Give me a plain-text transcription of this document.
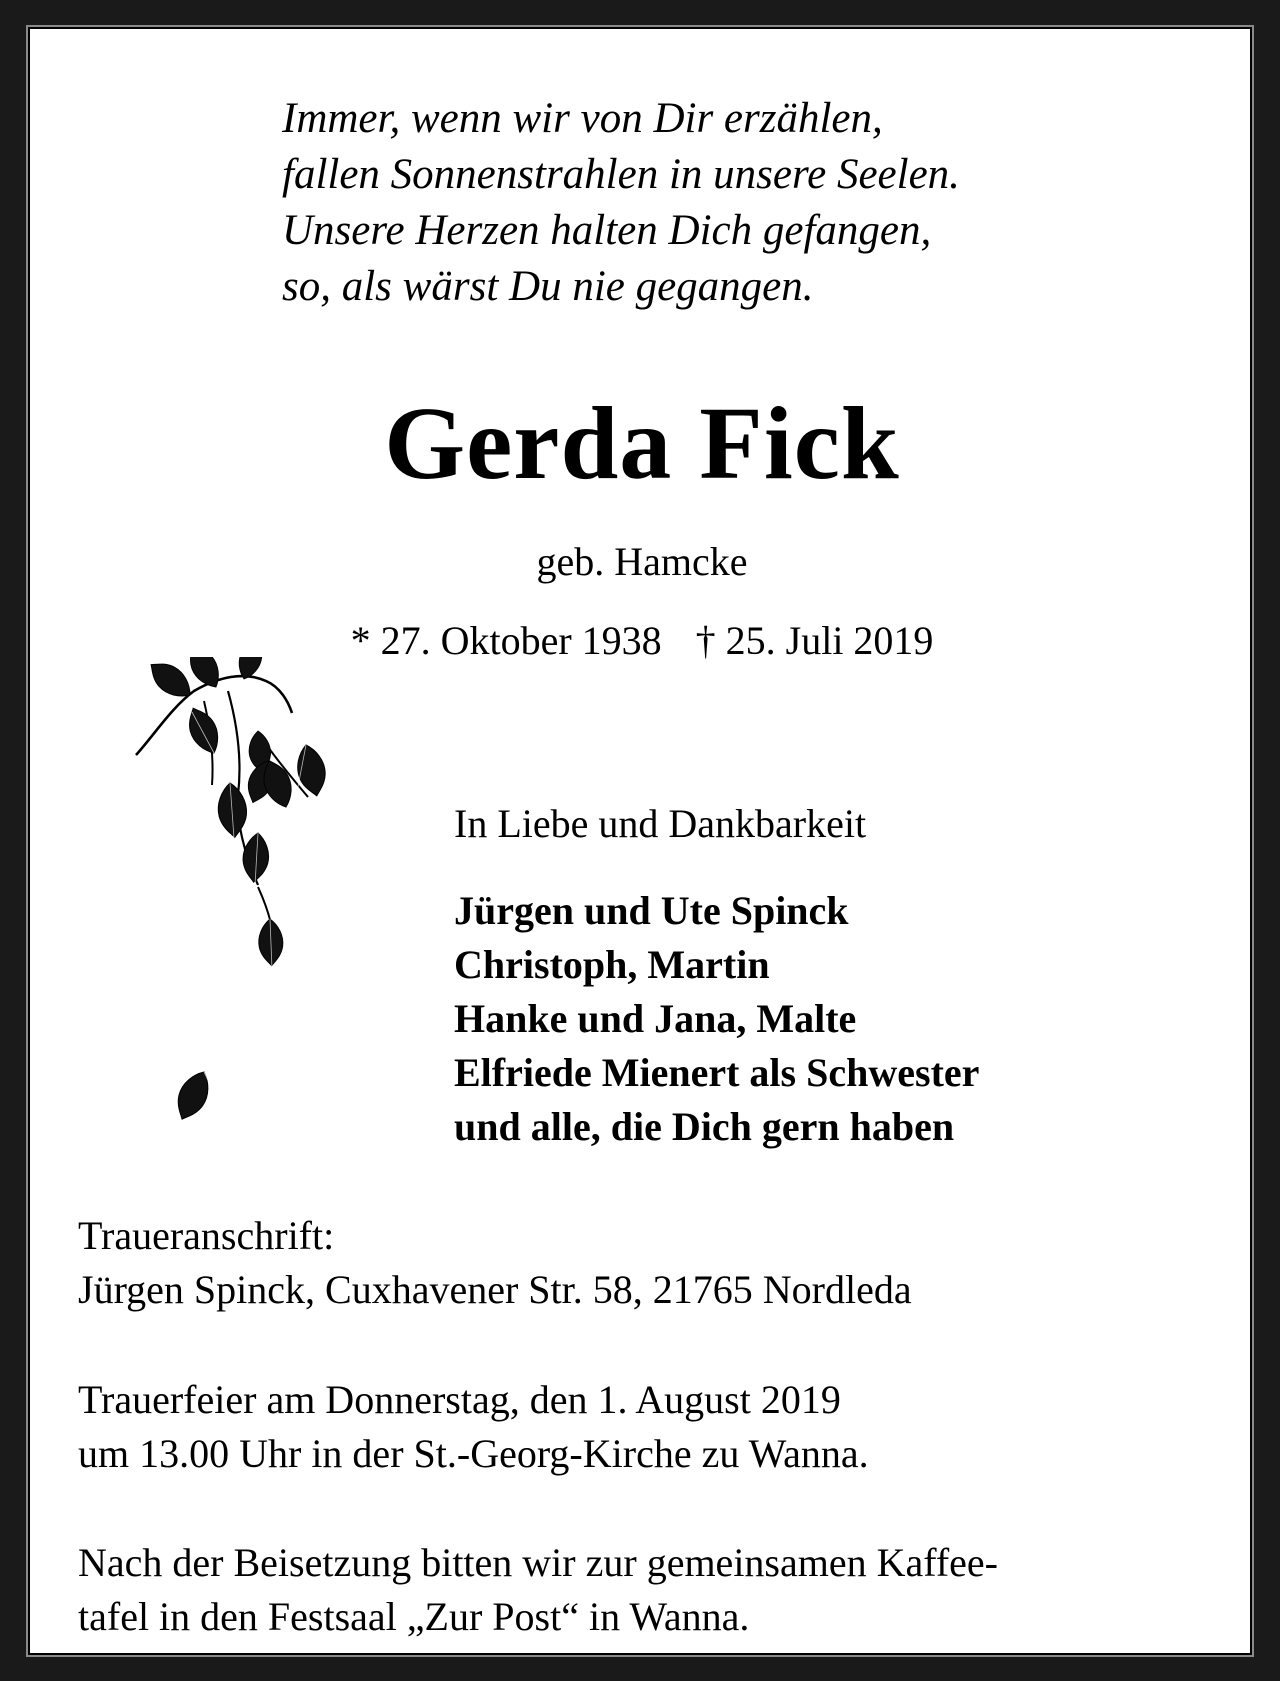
Immer, wenn wir von Dir erzählen,
fallen Sonnenstrahlen in unsere Seelen.
Unsere Herzen halten Dich gefangen,
so, als wärst Du nie gegangen.
Gerda Fick
geb. Hamcke
* 27. Oktober 1938 † 25. Juli 2019
In Liebe und Dankbarkeit
Jürgen und Ute Spinck
Christoph, Martin
Hanke und Jana, Malte
Elfriede Mienert als Schwester
und alle, die Dich gern haben
Traueranschrift:
Jürgen Spinck, Cuxhavener Str. 58, 21765 Nordleda
Trauerfeier am Donnerstag, den 1. August 2019
um 13.00 Uhr in der St.-Georg-Kirche zu Wanna.
Nach der Beisetzung bitten wir zur gemeinsamen Kaffee-
tafel in den Festsaal „Zur Post“ in Wanna.
